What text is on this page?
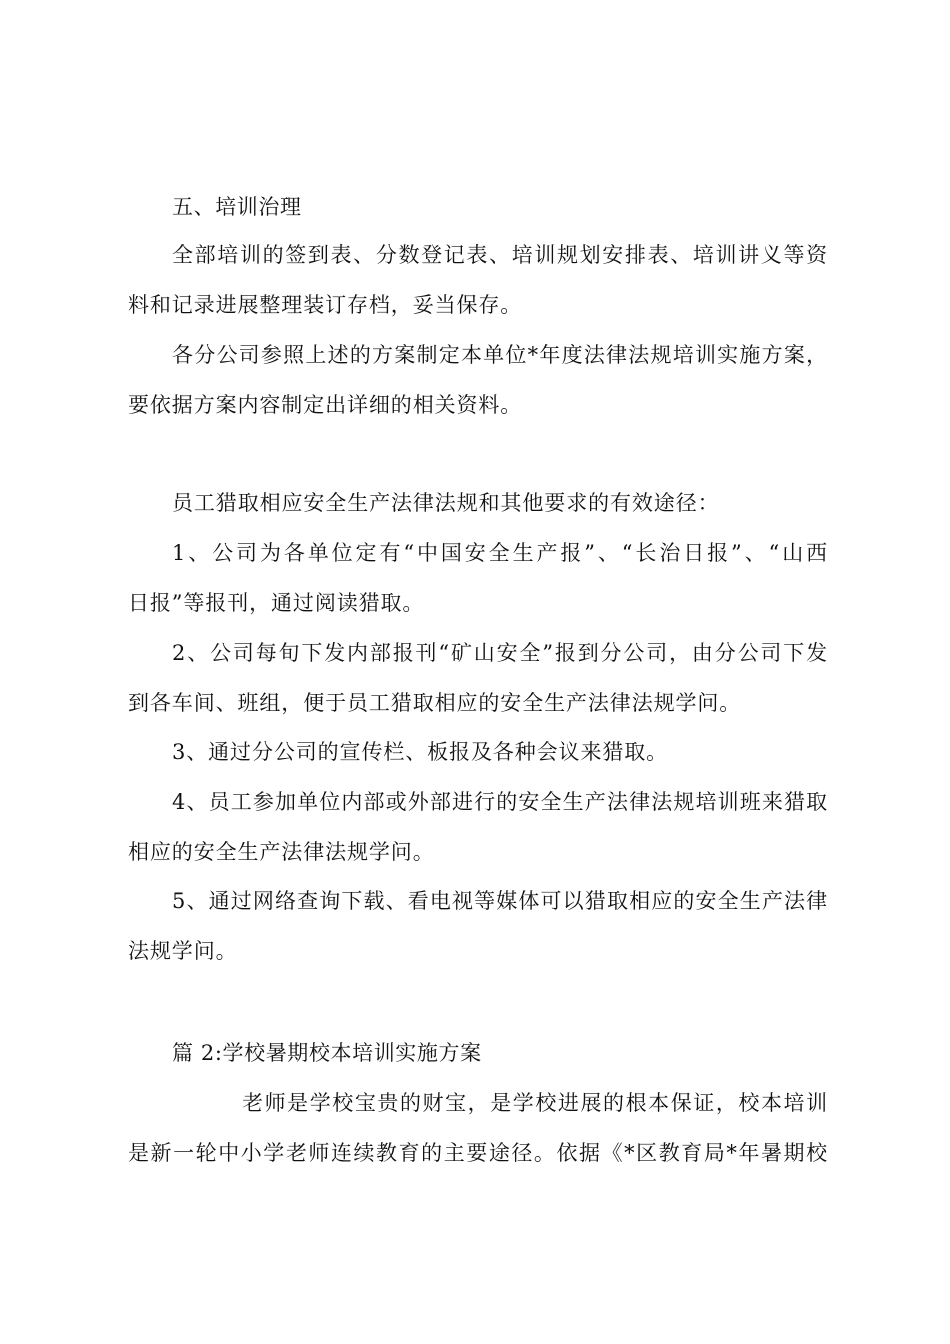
五、培训治理
全部培训的签到表、分数登记表、培训规划安排表、培训讲义等资
料和记录进展整理装订存档，妥当保存。
各分公司参照上述的方案制定本单位*年度法律法规培训实施方案，
要依据方案内容制定出详细的相关资料。
员工猎取相应安全生产法律法规和其他要求的有效途径：
1、公司为各单位定有“中国安全生产报”、“长治日报”、“山西
日报”等报刊，通过阅读猎取。
2、公司每旬下发内部报刊“矿山安全”报到分公司，由分公司下发
到各车间、班组，便于员工猎取相应的安全生产法律法规学问。
3、通过分公司的宣传栏、板报及各种会议来猎取。
4、员工参加单位内部或外部进行的安全生产法律法规培训班来猎取
相应的安全生产法律法规学问。
5、通过网络查询下载、看电视等媒体可以猎取相应的安全生产法律
法规学问。
篇 2:学校暑期校本培训实施方案
老师是学校宝贵的财宝，是学校进展的根本保证，校本培训
是新一轮中小学老师连续教育的主要途径。依据《*区教育局*年暑期校
